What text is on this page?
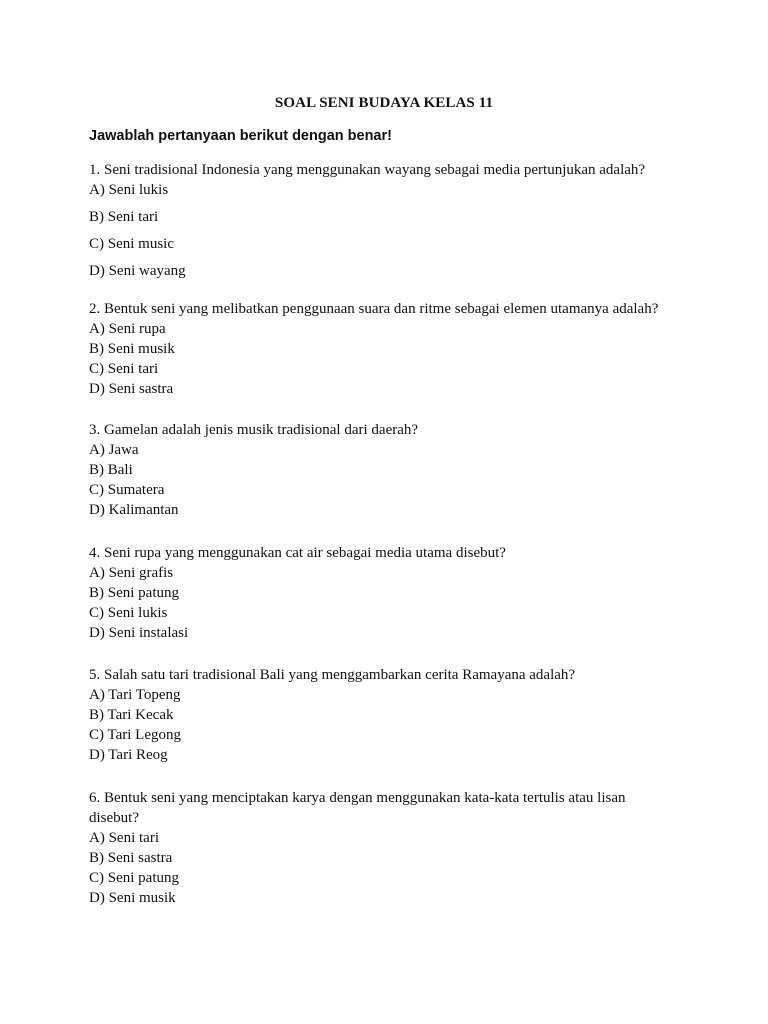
SOAL SENI BUDAYA KELAS 11
Jawablah pertanyaan berikut dengan benar!
1. Seni tradisional Indonesia yang menggunakan wayang sebagai media pertunjukan adalah?
A) Seni lukis
B) Seni tari
C) Seni music
D) Seni wayang
2. Bentuk seni yang melibatkan penggunaan suara dan ritme sebagai elemen utamanya adalah?
A) Seni rupa
B) Seni musik
C) Seni tari
D) Seni sastra
3. Gamelan adalah jenis musik tradisional dari daerah?
A) Jawa
B) Bali
C) Sumatera
D) Kalimantan
4. Seni rupa yang menggunakan cat air sebagai media utama disebut?
A) Seni grafis
B) Seni patung
C) Seni lukis
D) Seni instalasi
5. Salah satu tari tradisional Bali yang menggambarkan cerita Ramayana adalah?
A) Tari Topeng
B) Tari Kecak
C) Tari Legong
D) Tari Reog
6. Bentuk seni yang menciptakan karya dengan menggunakan kata-kata tertulis atau lisan
disebut?
A) Seni tari
B) Seni sastra
C) Seni patung
D) Seni musik
